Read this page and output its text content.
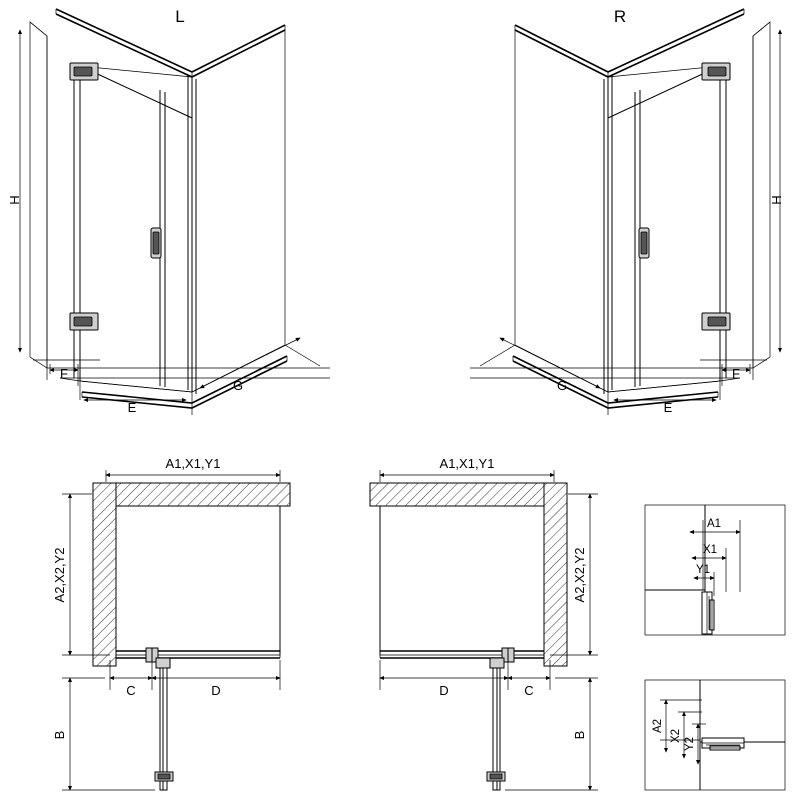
H
F
E
G
L
H
F
E
G
R
A1,X1,Y1
A2,X2,Y2
C	D
B
A1,X1,Y1
A2,X2,Y2
C
D
B
A1
X1
Y1
A2
X2
Y2
